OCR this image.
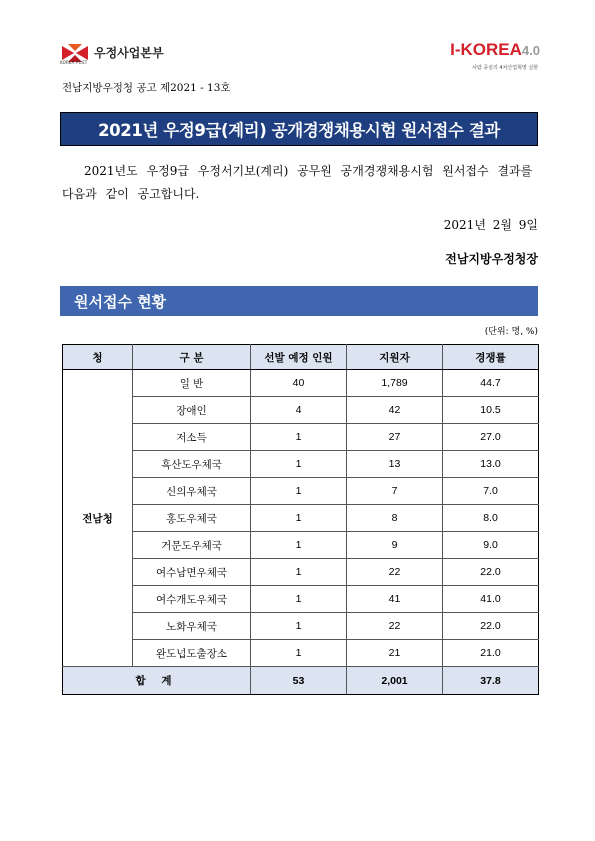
우정사업본부
KOREA POST
I-KOREA4.0
사람 중심의 4차산업혁명 실현
전남지방우정청 공고 제2021 - 13호
2021년 우정9급(계리) 공개경쟁채용시험 원서접수 결과
2021년도 우정9급 우정서기보(계리) 공무원 공개경쟁채용시험 원서접수 결과를 다음과 같이 공고합니다.
2021년 2월 9일
전남지방우정청장
원서접수 현황
(단위: 명, %)
청	구 분	선발 예정 인원	지원자	경쟁률
전남청	일 반	40	1,789	44.7
	장애인	4	42	10.5
	저소득	1	27	27.0
	흑산도우체국	1	13	13.0
	신의우체국	1	7	7.0
	홍도우체국	1	8	8.0
	거문도우체국	1	9	9.0
	여수남면우체국	1	22	22.0
	여수개도우체국	1	41	41.0
	노화우체국	1	22	22.0
	완도넙도출장소	1	21	21.0
합 계		53	2,001	37.8
